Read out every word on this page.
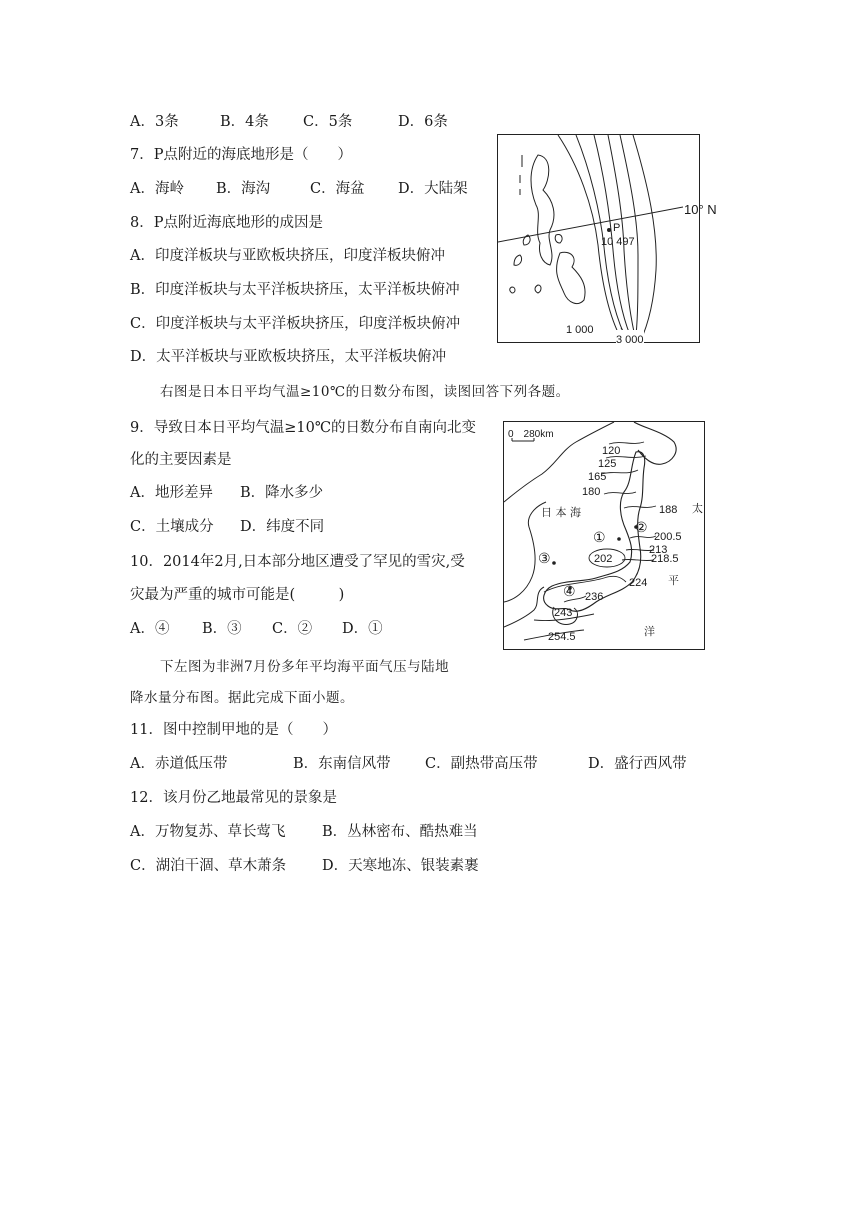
A．3条	B．4条 C．5条	D．6条
7．P点附近的海底地形是（　　）
A．海岭 B．海沟	C．海盆 D．大陆架
8．P点附近海底地形的成因是
A．印度洋板块与亚欧板块挤压，印度洋板块俯冲
B．印度洋板块与太平洋板块挤压，太平洋板块俯冲
C．印度洋板块与太平洋板块挤压，印度洋板块俯冲
D．太平洋板块与亚欧板块挤压，太平洋板块俯冲
10° N
P
10 497
1 000
3 000
右图是日本日平均气温≥10℃的日数分布图，读图回答下列各题。
9．导致日本日平均气温≥10℃的日数分布自南向北变
化的主要因素是
A．地形差异 B．降水多少
C．土壤成分 D．纬度不同
10．2014年2月,日本部分地区遭受了罕见的雪灾,受
灾最为严重的城市可能是(　　　)
A．④ B．③ C．② D．①
0　280km
日 本 海	太
平
洋
120
125
165
180
188
200.5
213
218.5
202
224
236
243
254.5
①
②
③
④
下左图为非洲7月份多年平均海平面气压与陆地
降水量分布图。据此完成下面小题。
11．图中控制甲地的是（　　）
A．赤道低压带	B．东南信风带 C．副热带高压带	D．盛行西风带
12．该月份乙地最常见的景象是
A．万物复苏、草长莺飞	B．丛林密布、酷热难当
C．湖泊干涸、草木萧条 D．天寒地冻、银装素裹
